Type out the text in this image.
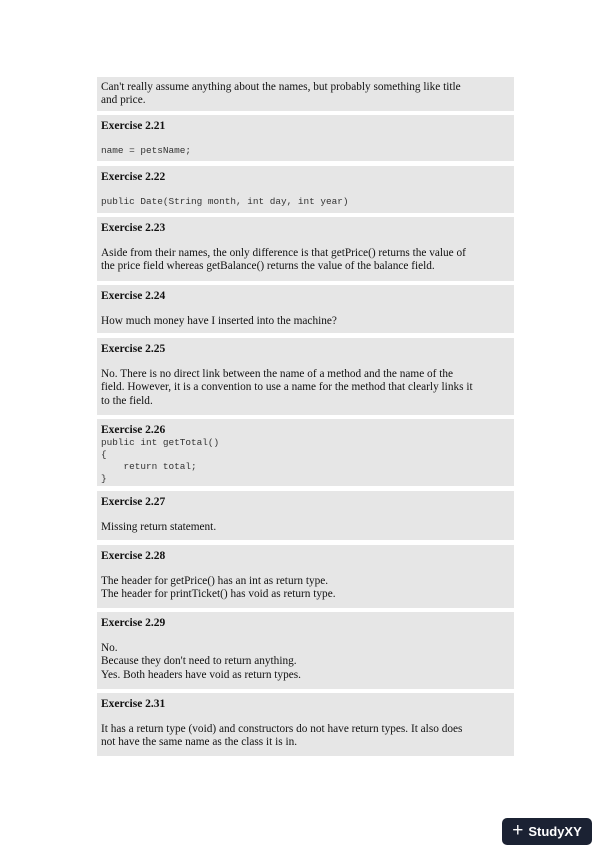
Can't really assume anything about the names, but probably something like title
and price.
Exercise 2.21
name = petsName;
Exercise 2.22
public Date(String month, int day, int year)
Exercise 2.23
Aside from their names, the only difference is that getPrice() returns the value of
the price field whereas getBalance() returns the value of the balance field.
Exercise 2.24
How much money have I inserted into the machine?
Exercise 2.25
No. There is no direct link between the name of a method and the name of the
field. However, it is a convention to use a name for the method that clearly links it
to the field.
Exercise 2.26
public int getTotal()
{
return total;
}
Exercise 2.27
Missing return statement.
Exercise 2.28
The header for getPrice() has an int as return type.
The header for printTicket() has void as return type.
Exercise 2.29
No.
Because they don't need to return anything.
Yes. Both headers have void as return types.
Exercise 2.31
It has a return type (void) and constructors do not have return types. It also does
not have the same name as the class it is in.
+ StudyXY
